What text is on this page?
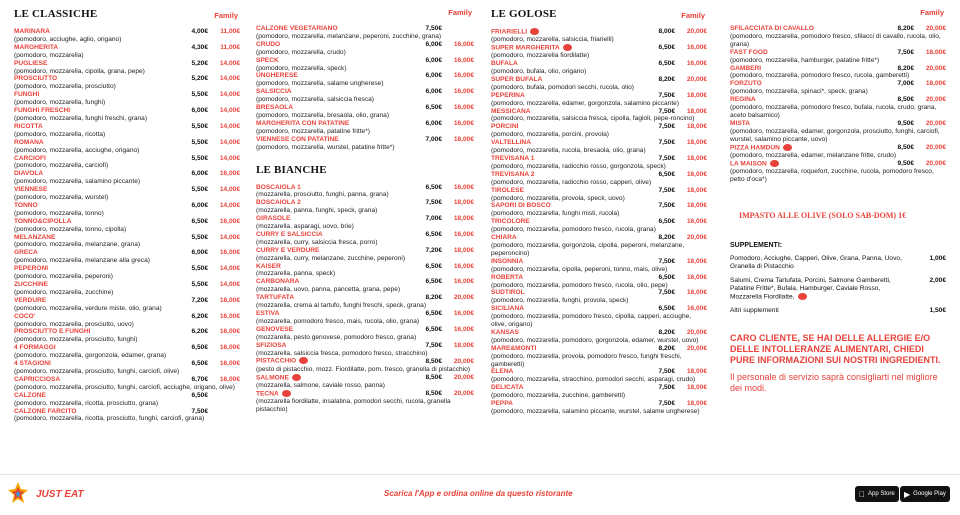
LE CLASSICHE	Family
MARINARA	4,00€	11,00€
(pomodoro, acciughe, aglio, origano)
MARGHERITA	4,30€	11,00€
(pomodoro, mozzarella)
PUGLIESE	5,20€	14,00€
(pomodoro, mozzarella, cipolla, grana, pepe)
PROSCIUTTO	5,20€	14,00€
(pomodoro, mozzarella, prosciutto)
FUNGHI	5,50€	14,00€
(pomodoro, mozzarella, funghi)
FUNGHI FRESCHI	6,00€	14,00€
(pomodoro, mozzarella, funghi freschi, grana)
RICOTTA	5,50€	14,00€
(pomodoro, mozzarella, ricotta)
ROMANA	5,50€	14,00€
(pomodoro, mozzarella, acciughe, origano)
CARCIOFI	5,50€	14,00€
(pomodoro, mozzarella, carciofi)
DIAVOLA	6,00€	16,00€
(pomodoro, mozzarella, salamino piccante)
VIENNESE	5,50€	14,00€
(pomodoro, mozzarella, wurstel)
TONNO	6,00€	14,00€
(pomodoro, mozzarella, tonno)
TONNO&CIPOLLA	6,50€	16,00€
(pomodoro, mozzarella, tonno, cipolla)
MELANZANE	5,50€	14,00€
(pomodoro, mozzarella, melanzane, grana)
GRECA	6,00€	16,00€
(pomodoro, mozzarella, melanzane alla greca)
PEPERONI	5,50€	14,00€
(pomodoro, mozzarella, peperoni)
ZUCCHINE	5,50€	14,00€
(pomodoro, mozzarella, zucchine)
VERDURE	7,20€	18,00€
(pomodoro, mozzarella, verdure miste, olio, grana)
COCÒ'	6,20€	16,00€
(pomodoro, mozzarella, prosciutto, uovo)
PROSCIUTTO E FUNGHI	6,20€	16,00€
(pomodoro, mozzarella, prosciutto, funghi)
4 FORMAGGI	6,50€	16,00€
(pomodoro, mozzarella, gorgonzola, edamer, grana)
4 STAGIONI	6,50€	16,00€
(pomodoro, mozzarella, prosciutto, funghi, carciofi, olive)
CAPRICCIOSA	6,70€	16,00€
(pomodoro, mozzarella, prosciutto, funghi, carciofi, acciughe, origano, olive)
CALZONE	6,50€
(pomodoro, mozzarella, ricotta, prosciutto, grana)
CALZONE FARCITO	7,50€
(pomodoro, mozzarella, ricotta, prosciutto, funghi, carciofi, grana)
Family
CALZONE VEGETARIANO	7,50€
(pomodoro, mozzarella, melanzane, peperoni, zucchine, grana)
CRUDO	6,00€	16,00€
(pomodoro, mozzarella, crudo)
SPECK	6,00€	16,00€
(pomodoro, mozzarella, speck)
UNGHERESE	6,00€	16,00€
(pomodoro, mozzarella, salame ungherese)
SALSICCIA	6,00€	16,00€
(pomodoro, mozzarella, salsiccia fresca)
BRESAOLA	6,50€	16,00€
(pomodoro, mozzarella, bresaola, olio, grana)
MARGHERITA CON PATATINE	6,00€	16,00€
(pomodoro, mozzarella, patatine fritte*)
VIENNESE CON PATATINE	7,00€	18,00€
(pomodoro, mozzarella, wurstel, patatine fritte*)
LE BIANCHE
BOSCAIOLA 1	6,50€	16,00€
(mozzarella, prosciutto, funghi, panna, grana)
BOSCAIOLA 2	7,50€	18,00€
(mozzarella, panna, funghi, speck, grana)
GIRASOLE	7,00€	18,00€
(mozzarella, asparagi, uovo, brie)
CURRY E SALSICCIA	6,50€	16,00€
(mozzarella, curry, salsiccia fresca, porro)
CURRY E VERDURE	7,20€	18,00€
(mozzarella, curry, melanzane, zucchine, peperoni)
KAISER	6,50€	16,00€
(mozzarella, panna, speck)
CARBONARA	6,50€	16,00€
(mozzarella, uovo, panna, pancetta, grana, pepe)
TARTUFATA	8,20€	20,00€
(mozzarella, crema al tartufo, funghi freschi, speck, grana)
ESTIVA	6,50€	16,00€
(mozzarella, pomodoro fresco, mais, rucola, olio, grana)
GENOVESE	6,50€	16,00€
(mozzarella, pesto genovese, pomodoro fresco, grana)
SFIZIOSA	7,50€	18,00€
(mozzarella, salsiccia fresca, pomodoro fresco, stracchino)
PISTACCHIO	8,50€	20,00€
(pesto di pistacchio, mozz. Fiordilatte, pom. fresco, granella di pistacchio)
SALMONE	8,50€	20,00€
(mozzarella, salmone, caviale rosso, panna)
TECNA	8,50€	20,00€
(mozzarella fiordilatte, insalatina, pomodori secchi, rucola, granella pistacchio)
LE GOLOSE	Family
FRIARIELLI	8,00€	20,00€
(pomodoro, mozzarella, salsiccia, friarielli)
SUPER MARGHERITA	6,50€	16,00€
(pomodoro, mozzarella fiordilatte)
BUFALA	6,50€	16,00€
(pomodoro, bufala, olio, origano)
SUPER BUFALA	8,20€	20,00€
(pomodoro, bufala, pomodori secchi, rucola, olio)
PEPERINA	7,50€	18,00€
(pomodoro, mozzarella, edamer, gorgonzola, salamino piccante)
MESSICANA	7,50€	18,00€
(pomodoro, mozzarella, salsiccia fresca, cipolla, fagioli, pepe-roncino)
PORCINI	7,50€	18,00€
(pomodoro, mozzarella, porcini, provola)
VALTELLINA	7,50€	18,00€
(pomodoro, mozzarella, rucola, bresaola, olio, grana)
TREVISANA 1	7,50€	18,00€
(pomodoro, mozzarella, radicchio rosso, gorgonzola, speck)
TREVISANA 2	6,50€	16,00€
(pomodoro, mozzarella, radicchio rosso, capperi, olive)
TIROLESE	7,50€	18,00€
(pomodoro, mozzarella, provola, speck, uovo)
SAPORI DI BOSCO	7,50€	18,00€
(pomodoro, mozzarella, funghi misti, rucola)
TRICOLORE	6,50€	16,00€
(pomodoro, mozzarella, pomodoro fresco, rucola, grana)
CHIARA	8,20€	20,00€
(pomodoro, mozzarella, gorgonzola, cipolla, peperoni, melanzane, peperoncino)
INSONNIA	7,50€	18,00€
(pomodoro, mozzarella, cipolla, peperoni, tonno, mais, olive)
ROBERTA	6,50€	16,00€
(pomodoro, mozzarella, pomodoro fresco, rucola, olio, pepe)
SUDTIROL	7,50€	18,00€
(pomodoro, mozzarella, funghi, provola, speck)
SICILIANA	6,50€	16,00€
(pomodoro, mozzarella, pomodoro fresco, cipolla, capperi, acciughe, olive, origano)
KANSAS	8,20€	20,00€
(pomodoro, mozzarella, pomodoro, gorgonzola, edamer, wurstel, uovo)
MARE&MONTI	8,20€	20,00€
(pomodoro, mozzarella, provola, pomodoro fresco, funghi freschi, gamberetti)
ELENA	7,50€	18,00€
(pomodoro, mozzarella, stracchino, pomodori secchi, asparagi, crudo)
DELICATA	7,50€	18,00€
(pomodoro, mozzarella, zucchine, gamberetti)
PEPPA	7,50€	18,00€
(pomodoro, mozzarella, salamino piccante, wurstel, salame ungherese)
Family
SFILACCIATA DI CAVALLO	8,20€	20,00€
(pomodoro, mozzarella, pomodoro fresco, sfilacci di cavallo, rucola, olio, grana)
FAST FOOD	7,50€	18,00€
(pomodoro, mozzarella, hamburger, patatine fritte*)
GAMBERI	8,20€	20,00€
(pomodoro, mozzarella, pomodoro fresco, rucola, gamberetti)
FORZUTO	7,00€	18,00€
(pomodoro, mozzarella, spinaci*, speck, grana)
REGINA	8,50€	20,00€
(pomodoro, mozzarella, pomodoro fresco, bufala, rucola, crudo, grana, aceto balsamico)
MISTA	9,50€	20,00€
(pomodoro, mozzarella, edamer, gorgonzola, prosciutto, funghi, carciofi, wurstel, salamino piccante, uovo)
PIZZA HAMDUN	8,50€	20,00€
(pomodoro, mozzarella, edamer, melanzane fritte, crudo)
LA MAISON	9,50€	20,00€
(pomodoro, mozzarella, roquefort, zucchine, rucola, pomodoro fresco, petto d'oca*)
IMPASTO ALLE OLIVE (SOLO SAB-DOM) 1€
SUPPLEMENTI:
Pomodoro, Acciughe, Capperi, Olive, Grana, Panna, Uovo, Granella di Pistacchio
1,00€
Salumi, Crema Tartufata, Porcini, Salmone Gamberetti, Patatine Fritte*, Bufala, Hamburger, Caviale Rosso, Mozzarella Fiordilatte,
2,00€
Altri supplementi	1,50€
CARO CLIENTE, SE HAI DELLE ALLERGIE E/O DELLE INTOLLERANZE ALIMENTARI, CHIEDI PURE INFORMAZIONI SUI NOSTRI INGREDIENTI.
Il personale di servizio saprà consigliarti nel migliore dei modi.
JUST EAT	Scarica l'App e ordina online da questo ristorante	App Store ▶ Google Play
